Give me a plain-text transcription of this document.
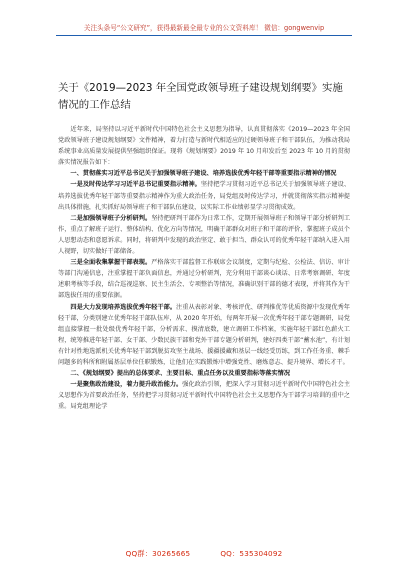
关注头条号“公文研究”，获得最新最全最专业的公文资料库！ 微信：gongwenvip
关于《2019—2023 年全国党政领导班子建设规划纲要》实施情况的工作总结

近年来，局坚持以习近平新时代中国特色社会主义思想为指导，认真贯彻落实《2019—2023 年全国党政领导班子建设规划纲要》文件精神，着力打造与新时代相适应的过硬领导班子和干部队伍，为推动我局系统事业高质量发展提供坚强组织保证。现将《规划纲要》2019 年 10 月印发后至 2023 年 10 月的贯彻落实情况报告如下：

一、贯彻落实习近平总书记关于加强领导班子建设、培养选拔优秀年轻干部等重要指示精神的情况

一是及时传达学习习近平总书记重要指示精神。坚持把学习贯彻习近平总书记关于加强领导班子建设、培养选拔优秀年轻干部等重要指示精神作为重大政治任务，局党组及时传达学习，并就贯彻落实指示精神提出具体措施，扎实抓好局领导班子和干部队伍建设，以实际工作业绩彰显学习贯彻成效。

二是加强领导班子分析研判。坚持把研判干部作为日常工作，定期开展领导班子和领导干部分析研判工作，重点了解班子运行、整体结构、优化方向等情况，明确干部群众对班子和干部的评价，掌握班子成员个人思想动态和意愿诉求。同时，将研判中发现的政治坚定、敢于担当、群众认可的优秀年轻干部纳入进入用人视野，切实做好干部储备。

三是全面收集掌握干部表现。严格落实干部监督工作联席会议制度，定期与纪检、公检法、信访、审计等部门沟通信息，注重掌握干部负面信息，并通过分析研判，充分利用干部谈心谈话、日常考察调研、年度述职考核等手段，结合巡视巡察、民主生活会、专项整治等情况，准确识别干部的德才表现，并将其作为干部选拔任用的重要依据。

四是大力发现培养选拔优秀年轻干部。注重从表彰对象、考核评优、研判推优等优质资源中发现优秀年轻干部，分类别建立优秀年轻干部队伍库，从 2020 年开始，每两年开展一次优秀年轻干部专题调研，局党组直接掌握一批处级优秀年轻干部，分析需求、摸清底数，建立调研工作档案，实施年轻干部红色薪火工程，统筹推进年轻干部、女干部、少数民族干部和党外干部专题分析研判，建好四类干部“蓄水池”，有计划有针对性地选派机关优秀年轻干部到脱贫攻坚主战场、援疆援藏和基层一线经受历练，到工作任务重、棘手问题多的科所和附属基层单位任职锻炼，让他们在实践锻炼中增强党性、磨炼意志、提升境界、增长才干。

二、《规划纲要》提出的总体要求、主要目标、重点任务以及重要指标等落实情况

一是聚焦政治建设，着力提升政治能力。强化政治引领，把深入学习贯彻习近平新时代中国特色社会主义思想作为首要政治任务，坚持把学习贯彻习近平新时代中国特色社会主义思想作为干部学习培训的重中之重。局党组理论学

QQ群：30265665	QQ：535304092
